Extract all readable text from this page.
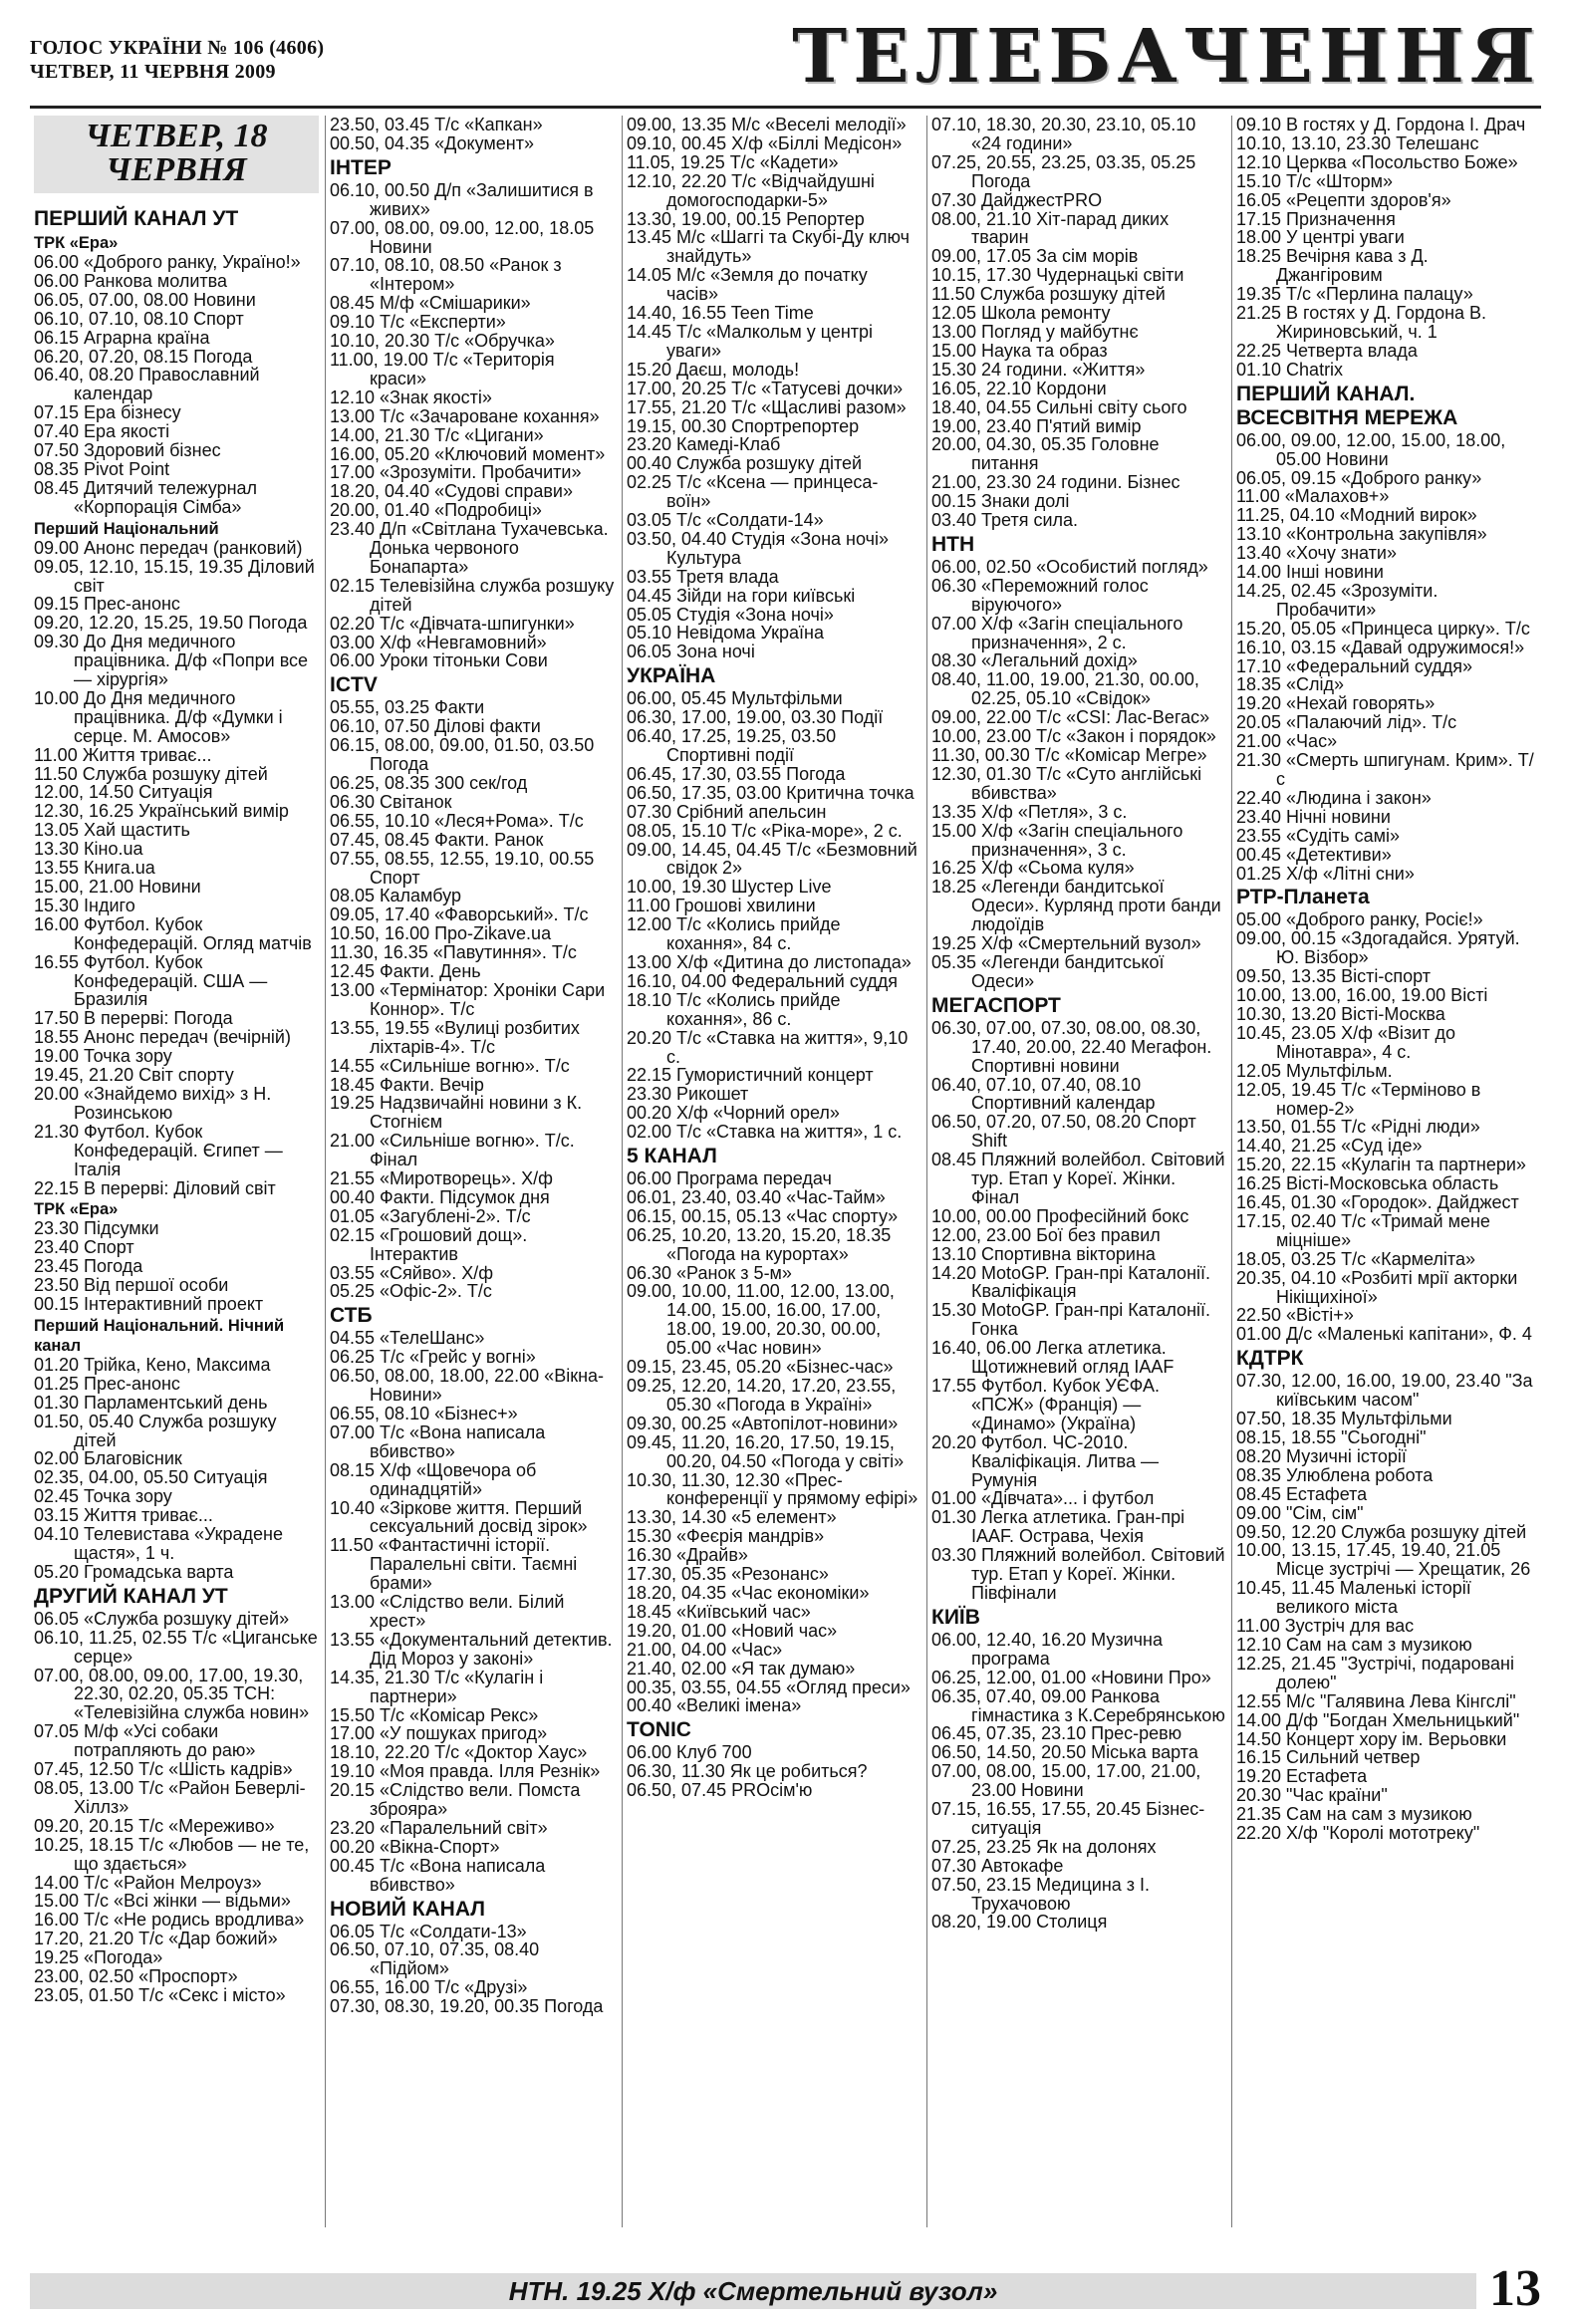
ГОЛОС УКРАЇНИ № 106 (4606)
ЧЕТВЕР, 11 ЧЕРВНЯ 2009	ТЕЛЕБАЧЕННЯ
ЧЕТВЕР, 18 ЧЕРВНЯ
ПЕРШИЙ КАНАЛ УТ
ТРК «Ера»
06.00 «Доброго ранку, Україно!»
06.00 Ранкова молитва
06.05, 07.00, 08.00 Новини
06.10, 07.10, 08.10 Спорт
06.15 Аграрна країна
06.20, 07.20, 08.15 Погода
06.40, 08.20 Православний календар
07.15 Ера бізнесу
07.40 Ера якості
07.50 Здоровий бізнес
08.35 Pivot Point
08.45 Дитячий тележурнал «Корпорація Сімба»
Перший Національний
09.00 Анонс передач (ранковий)
09.05, 12.10, 15.15, 19.35 Діловий світ
09.15 Прес-анонс
09.20, 12.20, 15.25, 19.50 Погода
09.30 До Дня медичного працівника. Д/ф «Попри все — хірургія»
10.00 До Дня медичного працівника. Д/ф «Думки і серце. М. Амосов»
11.00 Життя триває...
11.50 Служба розшуку дітей
12.00, 14.50 Ситуація
12.30, 16.25 Український вимір
13.05 Хай щастить
13.30 Кіно.ua
13.55 Книга.ua
15.00, 21.00 Новини
15.30 Індиго
16.00 Футбол. Кубок Конфедерацій. Огляд матчів
16.55 Футбол. Кубок Конфедерацій. США — Бразилія
17.50 В перерві: Погода
18.55 Анонс передач (вечірній)
19.00 Точка зору
19.45, 21.20 Світ спорту
20.00 «Знайдемо вихід» з Н. Розинською
21.30 Футбол. Кубок Конфедерацій. Єгипет — Італія
22.15 В перерві: Діловий світ
ТРК «Ера»
23.30 Підсумки
23.40 Спорт
23.45 Погода
23.50 Від першої особи
00.15 Інтерактивний проект
Перший Національний. Нічний канал
01.20 Трійка, Кено, Максима
01.25 Прес-анонс
01.30 Парламентський день
01.50, 05.40 Служба розшуку дітей
02.00 Благовісник
02.35, 04.00, 05.50 Ситуація
02.45 Точка зору
03.15 Життя триває...
04.10 Телевистава «Украдене щастя», 1 ч.
05.20 Громадська варта
ДРУГИЙ КАНАЛ УТ
06.05 «Служба розшуку дітей»
06.10, 11.25, 02.55 Т/с «Циганське серце»
07.00, 08.00, 09.00, 17.00, 19.30, 22.30, 02.20, 05.35 ТСН: «Телевізійна служба новин»
07.05 М/ф «Усі собаки потрапляють до раю»
07.45, 12.50 Т/с «Шість кадрів»
08.05, 13.00 Т/с «Район Беверлі-Хіллз»
09.20, 20.15 Т/с «Мереживо»
10.25, 18.15 Т/с «Любов — не те, що здається»
14.00 Т/с «Район Мелроуз»
15.00 Т/с «Всі жінки — відьми»
16.00 Т/с «Не родись вродлива»
17.20, 21.20 Т/с «Дар божий»
19.25 «Погода»
23.00, 02.50 «Проспорт»
23.05, 01.50 Т/с «Секс і місто»
23.50, 03.45 Т/с «Капкан»
00.50, 04.35 «Документ»
ІНТЕР
06.10, 00.50 Д/п «Залишитися в живих»
07.00, 08.00, 09.00, 12.00, 18.05 Новини
07.10, 08.10, 08.50 «Ранок з «Інтером»
08.45 М/ф «Смішарики»
09.10 Т/с «Експерти»
10.10, 20.30 Т/с «Обручка»
11.00, 19.00 Т/с «Територія краси»
12.10 «Знак якості»
13.00 Т/с «Зачароване кохання»
14.00, 21.30 Т/с «Цигани»
16.00, 05.20 «Ключовий момент»
17.00 «Зрозуміти. Пробачити»
18.20, 04.40 «Судові справи»
20.00, 01.40 «Подробиці»
23.40 Д/п «Світлана Тухачевська. Донька червоного Бонапарта»
02.15 Телевізійна служба розшуку дітей
02.20 Т/с «Дівчата-шпигунки»
03.00 Х/ф «Невгамовний»
06.00 Уроки тітоньки Сови
ICTV
05.55, 03.25 Факти
06.10, 07.50 Ділові факти
06.15, 08.00, 09.00, 01.50, 03.50 Погода
06.25, 08.35 300 сек/год
06.30 Світанок
06.55, 10.10 «Леся+Рома». Т/с
07.45, 08.45 Факти. Ранок
07.55, 08.55, 12.55, 19.10, 00.55 Спорт
08.05 Каламбур
09.05, 17.40 «Фаворський». Т/с
10.50, 16.00 Про-Zikave.ua
11.30, 16.35 «Павутиння». Т/с
12.45 Факти. День
13.00 «Термінатор: Хроніки Сари Коннор». Т/с
13.55, 19.55 «Вулиці розбитих ліхтарів-4». Т/с
14.55 «Сильніше вогню». Т/с
18.45 Факти. Вечір
19.25 Надзвичайні новини з К. Стогнієм
21.00 «Сильніше вогню». Т/с. Фінал
21.55 «Миротворець». Х/ф
00.40 Факти. Підсумок дня
01.05 «Загублені-2». Т/с
02.15 «Грошовий дощ». Інтерактив
03.55 «Сяйво». Х/ф
05.25 «Офіс-2». Т/с
СТБ
04.55 «ТелеШанс»
06.25 Т/с «Грейс у вогні»
06.50, 08.00, 18.00, 22.00 «Вікна-Новини»
06.55, 08.10 «Бізнес+»
07.00 Т/с «Вона написала вбивство»
08.15 Х/ф «Щовечора об одинадцятій»
10.40 «Зіркове життя. Перший сексуальний досвід зірок»
11.50 «Фантастичні історії. Паралельні світи. Таємні брами»
13.00 «Слідство вели. Білий хрест»
13.55 «Документальний детектив. Дід Мороз у законі»
14.35, 21.30 Т/с «Кулагін і партнери»
15.50 Т/с «Комісар Рекс»
17.00 «У пошуках пригод»
18.10, 22.20 Т/с «Доктор Хаус»
19.10 «Моя правда. Ілля Резнік»
20.15 «Слідство вели. Помста зброяра»
23.20 «Паралельний світ»
00.20 «Вікна-Спорт»
00.45 Т/с «Вона написала вбивство»
НОВИЙ КАНАЛ
06.05 Т/с «Солдати-13»
06.50, 07.10, 07.35, 08.40 «Підйом»
06.55, 16.00 Т/с «Друзі»
07.30, 08.30, 19.20, 00.35 Погода
09.00, 13.35 М/с «Веселі мелодії»
09.10, 00.45 Х/ф «Біллі Медісон»
11.05, 19.25 Т/с «Кадети»
12.10, 22.20 Т/с «Відчайдушні домогосподарки-5»
13.30, 19.00, 00.15 Репортер
13.45 М/с «Шаггі та Скубі-Ду ключ знайдуть»
14.05 М/с «Земля до початку часів»
14.40, 16.55 Teen Time
14.45 Т/с «Малкольм у центрі уваги»
15.20 Даєш, молодь!
17.00, 20.25 Т/с «Татусеві дочки»
17.55, 21.20 Т/с «Щасливі разом»
19.15, 00.30 Спортрепортер
23.20 Камеді-Клаб
00.40 Служба розшуку дітей
02.25 Т/с «Ксена — принцеса-воїн»
03.05 Т/с «Солдати-14»
03.50, 04.40 Студія «Зона ночі» Культура
03.55 Третя влада
04.45 Зійди на гори київські
05.05 Студія «Зона ночі»
05.10 Невідома Україна
06.05 Зона ночі
УКРАЇНА
06.00, 05.45 Мультфільми
06.30, 17.00, 19.00, 03.30 Події
06.40, 17.25, 19.25, 03.50 Спортивні події
06.45, 17.30, 03.55 Погода
06.50, 17.35, 03.00 Критична точка
07.30 Срібний апельсин
08.05, 15.10 Т/с «Ріка-море», 2 с.
09.00, 14.45, 04.45 Т/с «Безмовний свідок 2»
10.00, 19.30 Шустер Live
11.00 Грошові хвилини
12.00 Т/с «Колись прийде кохання», 84 с.
13.00 Х/ф «Дитина до листопада»
16.10, 04.00 Федеральний суддя
18.10 Т/с «Колись прийде кохання», 86 с.
20.20 Т/с «Ставка на життя», 9,10 с.
22.15 Гумористичний концерт
23.30 Рикошет
00.20 Х/ф «Чорний орел»
02.00 Т/с «Ставка на життя», 1 с.
5 КАНАЛ
06.00 Програма передач
06.01, 23.40, 03.40 «Час-Тайм»
06.15, 00.15, 05.13 «Час спорту»
06.25, 10.20, 13.20, 15.20, 18.35 «Погода на курортах»
06.30 «Ранок з 5-м»
09.00, 10.00, 11.00, 12.00, 13.00, 14.00, 15.00, 16.00, 17.00, 18.00, 19.00, 20.30, 00.00, 05.00 «Час новин»
09.15, 23.45, 05.20 «Бізнес-час»
09.25, 12.20, 14.20, 17.20, 23.55, 05.30 «Погода в Україні»
09.30, 00.25 «Автопілот-новини»
09.45, 11.20, 16.20, 17.50, 19.15, 00.20, 04.50 «Погода у світі»
10.30, 11.30, 12.30 «Прес-конференції у прямому ефірі»
13.30, 14.30 «5 елемент»
15.30 «Феєрія мандрів»
16.30 «Драйв»
17.30, 05.35 «Резонанс»
18.20, 04.35 «Час економіки»
18.45 «Київський час»
19.20, 01.00 «Новий час»
21.00, 04.00 «Час»
21.40, 02.00 «Я так думаю»
00.35, 03.55, 04.55 «Огляд преси»
00.40 «Великі імена»
TONIC
06.00 Клуб 700
06.30, 11.30 Як це робиться?
06.50, 07.45 PROсім'ю
07.10, 18.30, 20.30, 23.10, 05.10 «24 години»
07.25, 20.55, 23.25, 03.35, 05.25 Погода
07.30 ДайджестPRO
08.00, 21.10 Хіт-парад диких тварин
09.00, 17.05 За сім морів
10.15, 17.30 Чудернацькі світи
11.50 Служба розшуку дітей
12.05 Школа ремонту
13.00 Погляд у майбутнє
15.00 Наука та образ
15.30 24 години. «Життя»
16.05, 22.10 Кордони
18.40, 04.55 Сильні світу сього
19.00, 23.40 П'ятий вимір
20.00, 04.30, 05.35 Головне питання
21.00, 23.30 24 години. Бізнес
00.15 Знаки долі
03.40 Третя сила.
НТН
06.00, 02.50 «Особистий погляд»
06.30 «Переможний голос віруючого»
07.00 Х/ф «Загін спеціального призначення», 2 с.
08.30 «Легальний дохід»
08.40, 11.00, 19.00, 21.30, 00.00, 02.25, 05.10 «Свідок»
09.00, 22.00 Т/с «CSI: Лас-Вегас»
10.00, 23.00 Т/с «Закон і порядок»
11.30, 00.30 Т/с «Комісар Мегре»
12.30, 01.30 Т/с «Суто англійські вбивства»
13.35 Х/ф «Петля», 3 с.
15.00 Х/ф «Загін спеціального призначення», 3 с.
16.25 Х/ф «Сьома куля»
18.25 «Легенди бандитської Одеси». Курлянд проти банди людоїдів
19.25 Х/ф «Смертельний вузол»
05.35 «Легенди бандитської Одеси»
МЕГАСПОРТ
06.30, 07.00, 07.30, 08.00, 08.30, 17.40, 20.00, 22.40 Мегафон. Спортивні новини
06.40, 07.10, 07.40, 08.10 Спортивний календар
06.50, 07.20, 07.50, 08.20 Спорт Shift
08.45 Пляжний волейбол. Світовий тур. Етап у Кореї. Жінки. Фінал
10.00, 00.00 Професійний бокс
12.00, 23.00 Бої без правил
13.10 Спортивна вікторина
14.20 MotoGP. Гран-прі Каталонії. Кваліфікація
15.30 MotoGP. Гран-прі Каталонії. Гонка
16.40, 06.00 Легка атлетика. Щотижневий огляд IAAF
17.55 Футбол. Кубок УЄФА. «ПСЖ» (Франція) — «Динамо» (Україна)
20.20 Футбол. ЧС-2010. Кваліфікація. Литва — Румунія
01.00 «Дівчата»... і футбол
01.30 Легка атлетика. Гран-прі IAAF. Острава, Чехія
03.30 Пляжний волейбол. Світовий тур. Етап у Кореї. Жінки. Півфінали
КИЇВ
06.00, 12.40, 16.20 Музична програма
06.25, 12.00, 01.00 «Новини Про»
06.35, 07.40, 09.00 Ранкова гімнастика з К.Серебрянською
06.45, 07.35, 23.10 Прес-ревю
06.50, 14.50, 20.50 Міська варта
07.00, 08.00, 15.00, 17.00, 21.00, 23.00 Новини
07.15, 16.55, 17.55, 20.45 Бізнес-ситуація
07.25, 23.25 Як на долонях
07.30 Автокафе
07.50, 23.15 Медицина з І. Трухачовою
08.20, 19.00 Столиця
09.10 В гостях у Д. Гордона І. Драч
10.10, 13.10, 23.30 Телешанс
12.10 Церква «Посольство Боже»
15.10 Т/с «Шторм»
16.05 «Рецепти здоров'я»
17.15 Призначення
18.00 У центрі уваги
18.25 Вечірня кава з Д. Джангіровим
19.35 Т/с «Перлина палацу»
21.25 В гостях у Д. Гордона В. Жириновський, ч. 1
22.25 Четверта влада
01.10 Chatrix
ПЕРШИЙ КАНАЛ. ВСЕСВІТНЯ МЕРЕЖА
06.00, 09.00, 12.00, 15.00, 18.00, 05.00 Новини
06.05, 09.15 «Доброго ранку»
11.00 «Малахов+»
11.25, 04.10 «Модний вирок»
13.10 «Контрольна закупівля»
13.40 «Хочу знати»
14.00 Інші новини
14.25, 02.45 «Зрозуміти. Пробачити»
15.20, 05.05 «Принцеса цирку». Т/с
16.10, 03.15 «Давай одружимося!»
17.10 «Федеральний суддя»
18.35 «Слід»
19.20 «Нехай говорять»
20.05 «Палаючий лід». Т/с
21.00 «Час»
21.30 «Смерть шпигунам. Крим». Т/с
22.40 «Людина і закон»
23.40 Нічні новини
23.55 «Судіть самі»
00.45 «Детективи»
01.25 Х/ф «Літні сни»
РТР-Планета
05.00 «Доброго ранку, Росіє!»
09.00, 00.15 «Здогадайся. Урятуй. Ю. Візбор»
09.50, 13.35 Вісті-спорт
10.00, 13.00, 16.00, 19.00 Вісті
10.30, 13.20 Вісті-Москва
10.45, 23.05 Х/ф «Візит до Мінотавра», 4 с.
12.05 Мультфільм.
12.05, 19.45 Т/с «Терміново в номер-2»
13.50, 01.55 Т/с «Рідні люди»
14.40, 21.25 «Суд іде»
15.20, 22.15 «Кулагін та партнери»
16.25 Вісті-Московська область
16.45, 01.30 «Городок». Дайджест
17.15, 02.40 Т/с «Тримай мене міцніше»
18.05, 03.25 Т/с «Кармеліта»
20.35, 04.10 «Розбиті мрії акторки Нікіщихіної»
22.50 «Вісті+»
01.00 Д/с «Маленькі капітани», Ф. 4
КДТРК
07.30, 12.00, 16.00, 19.00, 23.40 "За київським часом"
07.50, 18.35 Мультфільми
08.15, 18.55 "Сьогодні"
08.20 Музичні історії
08.35 Улюблена робота
08.45 Естафета
09.00 "Сім, сім"
09.50, 12.20 Служба розшуку дітей
10.00, 13.15, 17.45, 19.40, 21.05 Місце зустрічі — Хрещатик, 26
10.45, 11.45 Маленькі історії великого міста
11.00 Зустріч для вас
12.10 Сам на сам з музикою
12.25, 21.45 "Зустрічі, подаровані долею"
12.55 М/с "Галявина Лева Кінгслі"
14.00 Д/ф "Богдан Хмельницький"
14.50 Концерт хору ім. Верьовки
16.15 Сильний четвер
19.20 Естафета
20.30 "Час країни"
21.35 Сам на сам з музикою
22.20 Х/ф "Королі мототреку"
НТН. 19.25 Х/ф «Смертельний вузол»	13
